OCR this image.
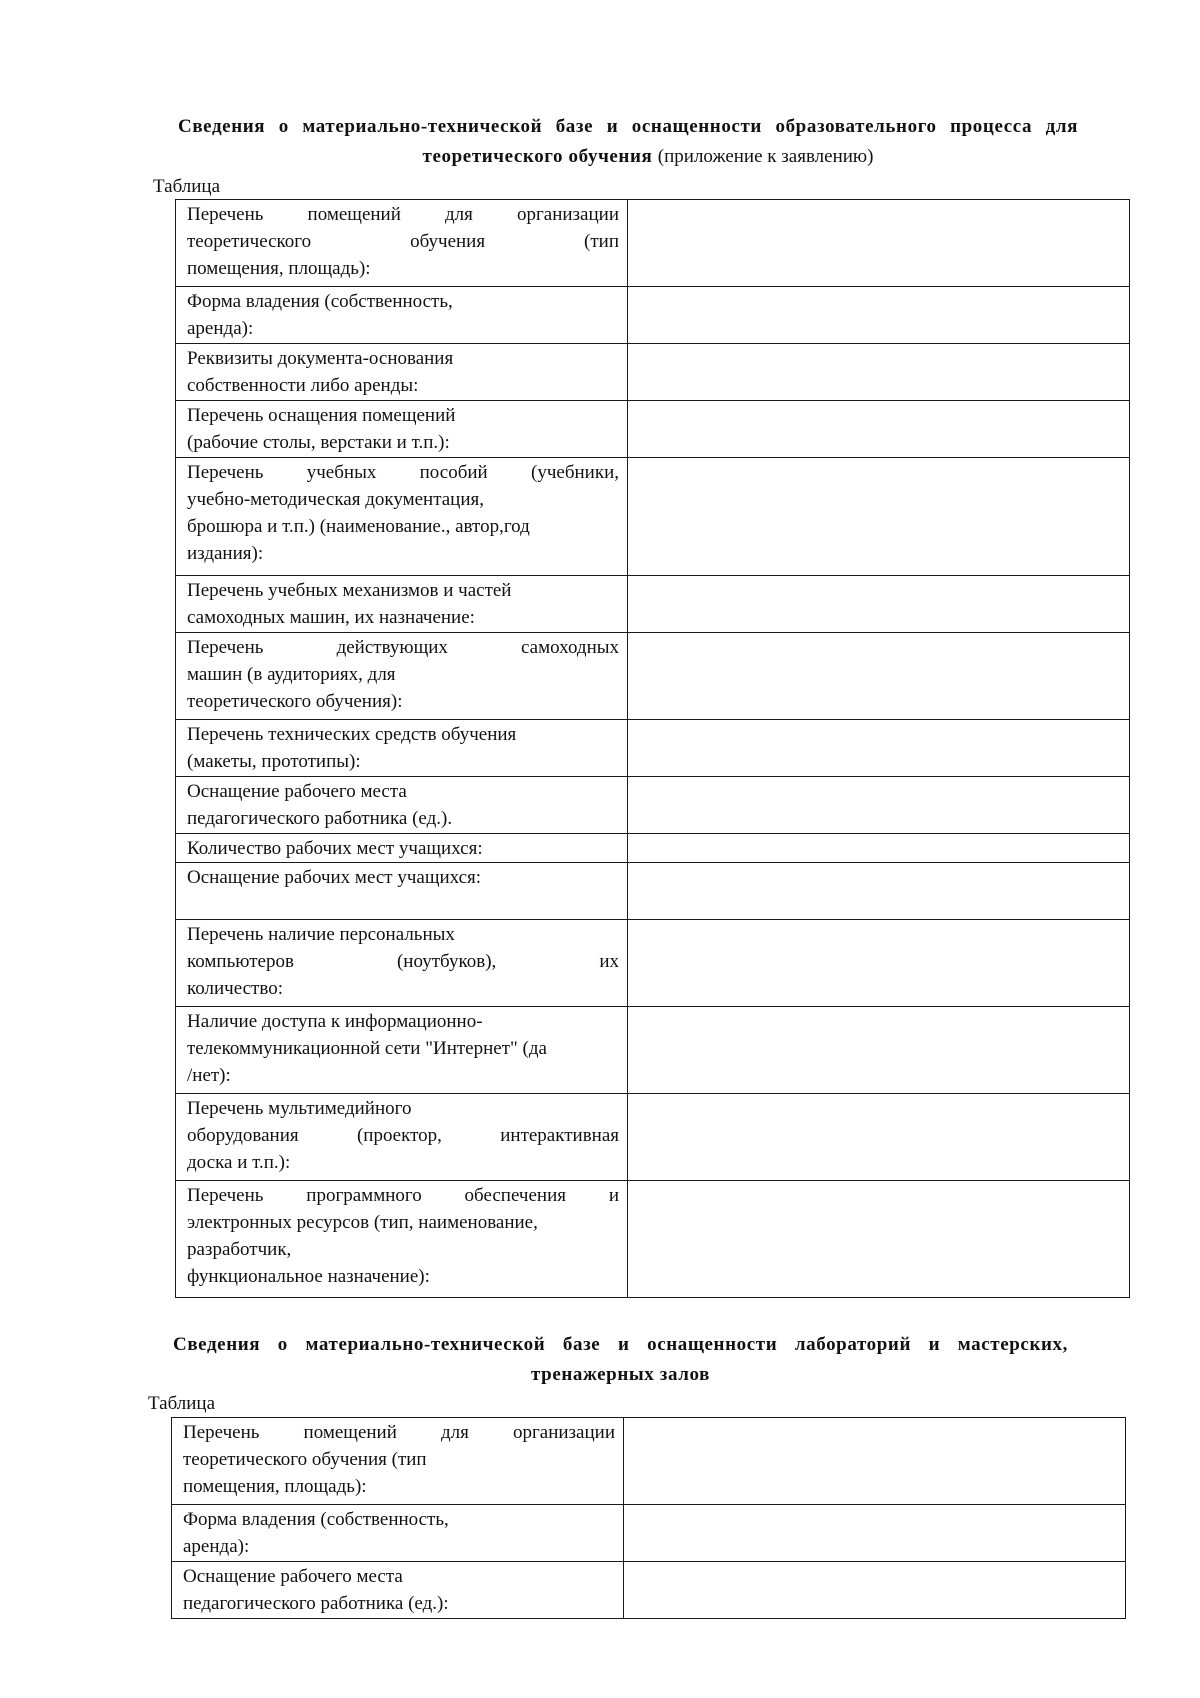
Сведения о материально-технической базе и оснащенности образовательного процесса для
теоретического обучения (приложение к заявлению)
Таблица
Перечень помещений для организации
теоретического обучения (тип
помещения, площадь):	

Форма владения (собственность,
аренда):	

Реквизиты документа-основания
собственности либо аренды:	

Перечень оснащения помещений
(рабочие столы, верстаки и т.п.):	

Перечень учебных пособий (учебники,
учебно-методическая документация,
брошюра и т.п.) (наименование., автор,год
издания):	

Перечень учебных механизмов и частей
самоходных машин, их назначение:	

Перечень действующих самоходных
машин (в аудиториях, для
теоретического обучения):	

Перечень технических средств обучения
(макеты, прототипы):	

Оснащение рабочего места
педагогического работника (ед.).	

Количество рабочих мест учащихся:	

Оснащение рабочих мест учащихся:	

Перечень наличие персональных
компьютеров (ноутбуков), их
количество:	

Наличие доступа к информационно-
телекоммуникационной сети "Интернет" (да
/нет):	

Перечень мультимедийного
оборудования (проектор, интерактивная
доска и т.п.):	

Перечень программного обеспечения и
электронных ресурсов (тип, наименование,
разработчик,
функциональное назначение):	

Сведения о материально-технической базе и оснащенности лабораторий и мастерских,
тренажерных залов
Таблица
Перечень помещений для организации
теоретического обучения (тип
помещения, площадь):	

Форма владения (собственность,
аренда):	

Оснащение рабочего места
педагогического работника (ед.):	
